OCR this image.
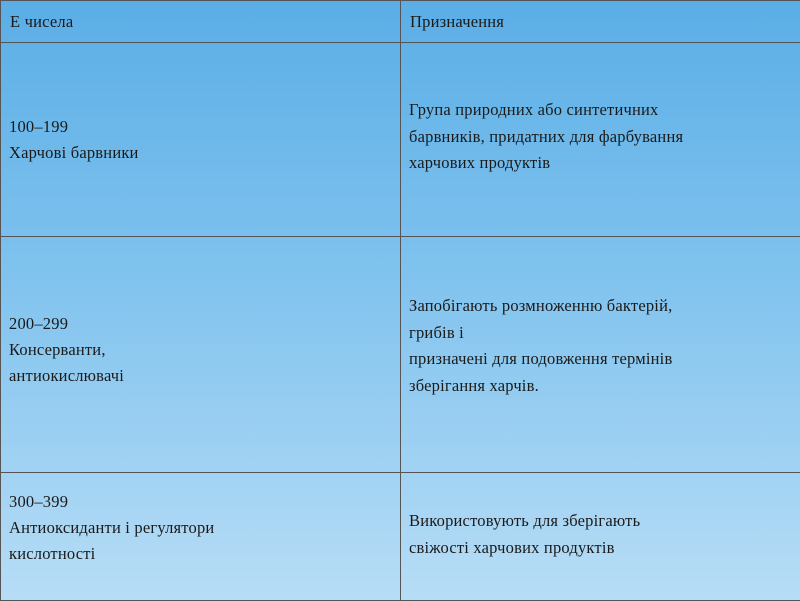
Е чисела	Призначення

100–199
Харчові барвники	Група природних або синтетичних
барвників, придатних для фарбування
харчових продуктів

200–299
Консерванти,
антиокислювачі	Запобігають розмноженню бактерій,
грибів і
призначені для подовження термінів
зберігання харчів.

300–399
Антиоксиданти і регулятори
кислотності	Використовують для зберігають
свіжості харчових продуктів
